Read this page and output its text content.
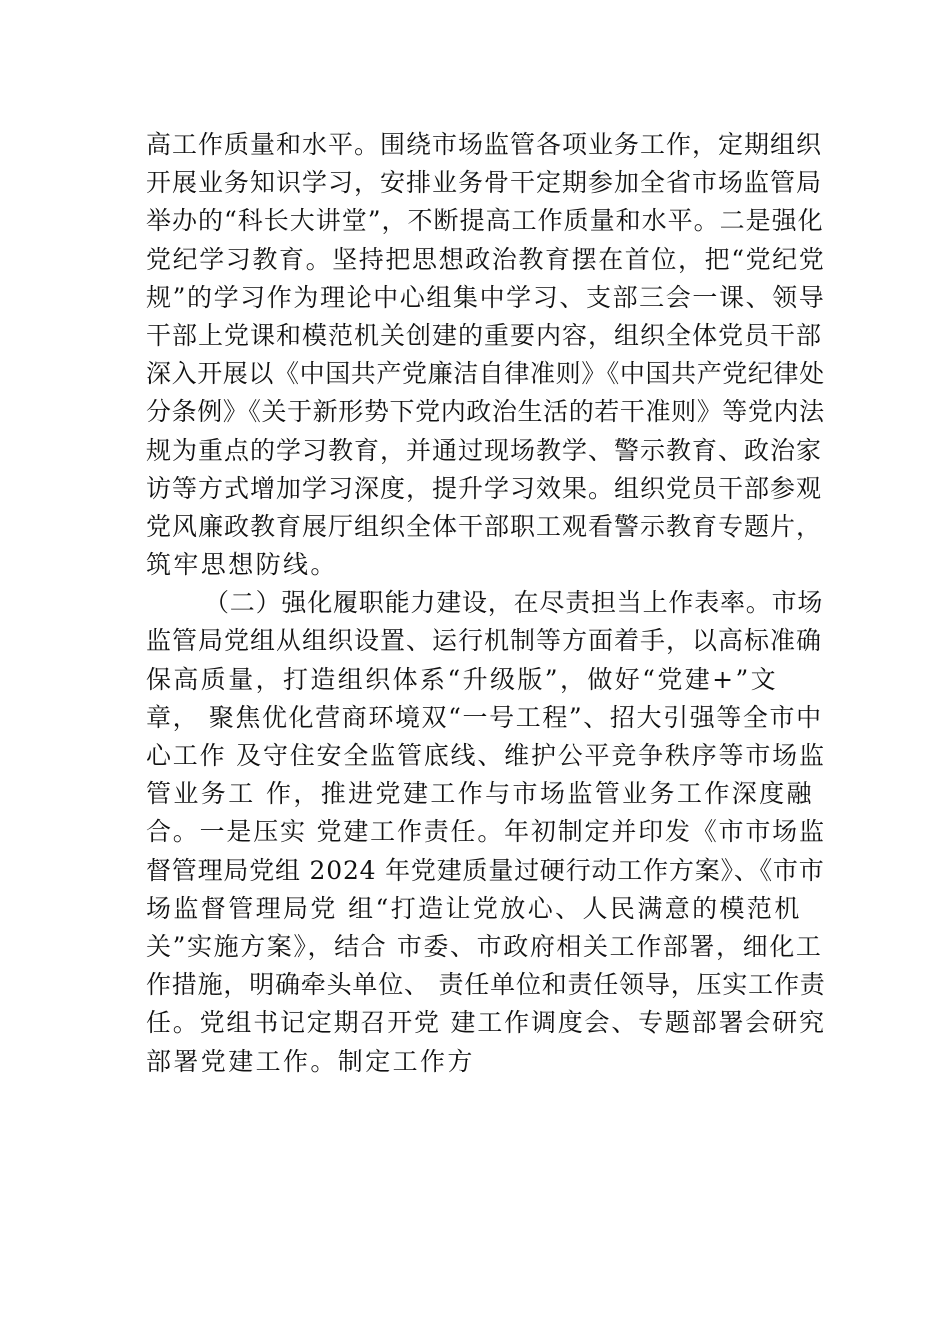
高工作质量和水平。围绕市场监管各项业务工作，定期组织
开展业务知识学习，安排业务骨干定期参加全省市场监管局
举办的“科长大讲堂”，不断提高工作质量和水平。二是强化
党纪学习教育。坚持把思想政治教育摆在首位，把“党纪党
规”的学习作为理论中心组集中学习、支部三会一课、领导
干部上党课和模范机关创建的重要内容，组织全体党员干部
深入开展以《中国共产党廉洁自律准则》《中国共产党纪律处
分条例》《关于新形势下党内政治生活的若干准则》等党内法
规为重点的学习教育，并通过现场教学、警示教育、政治家
访等方式增加学习深度，提升学习效果。组织党员干部参观
党风廉政教育展厅组织全体干部职工观看警示教育专题片，
筑牢思想防线。
（二）强化履职能力建设，在尽责担当上作表率。市场
监管局党组从组织设置、运行机制等方面着手，以高标准确
保高质量，打造组织体系“升级版”，做好“党建+”文
章， 聚焦优化营商环境双“一号工程”、招大引强等全市中
心工作 及守住安全监管底线、维护公平竞争秩序等市场监
管业务工 作，推进党建工作与市场监管业务工作深度融
合。一是压实 党建工作责任。年初制定并印发《市市场监
督管理局党组 2024 年党建质量过硬行动工作方案》、《市市
场监督管理局党 组“打造让党放心、人民满意的模范机
关”实施方案》，结合 市委、市政府相关工作部署，细化工
作措施，明确牵头单位、 责任单位和责任领导，压实工作责
任。党组书记定期召开党 建工作调度会、专题部署会研究
部署党建工作。制定工作方
